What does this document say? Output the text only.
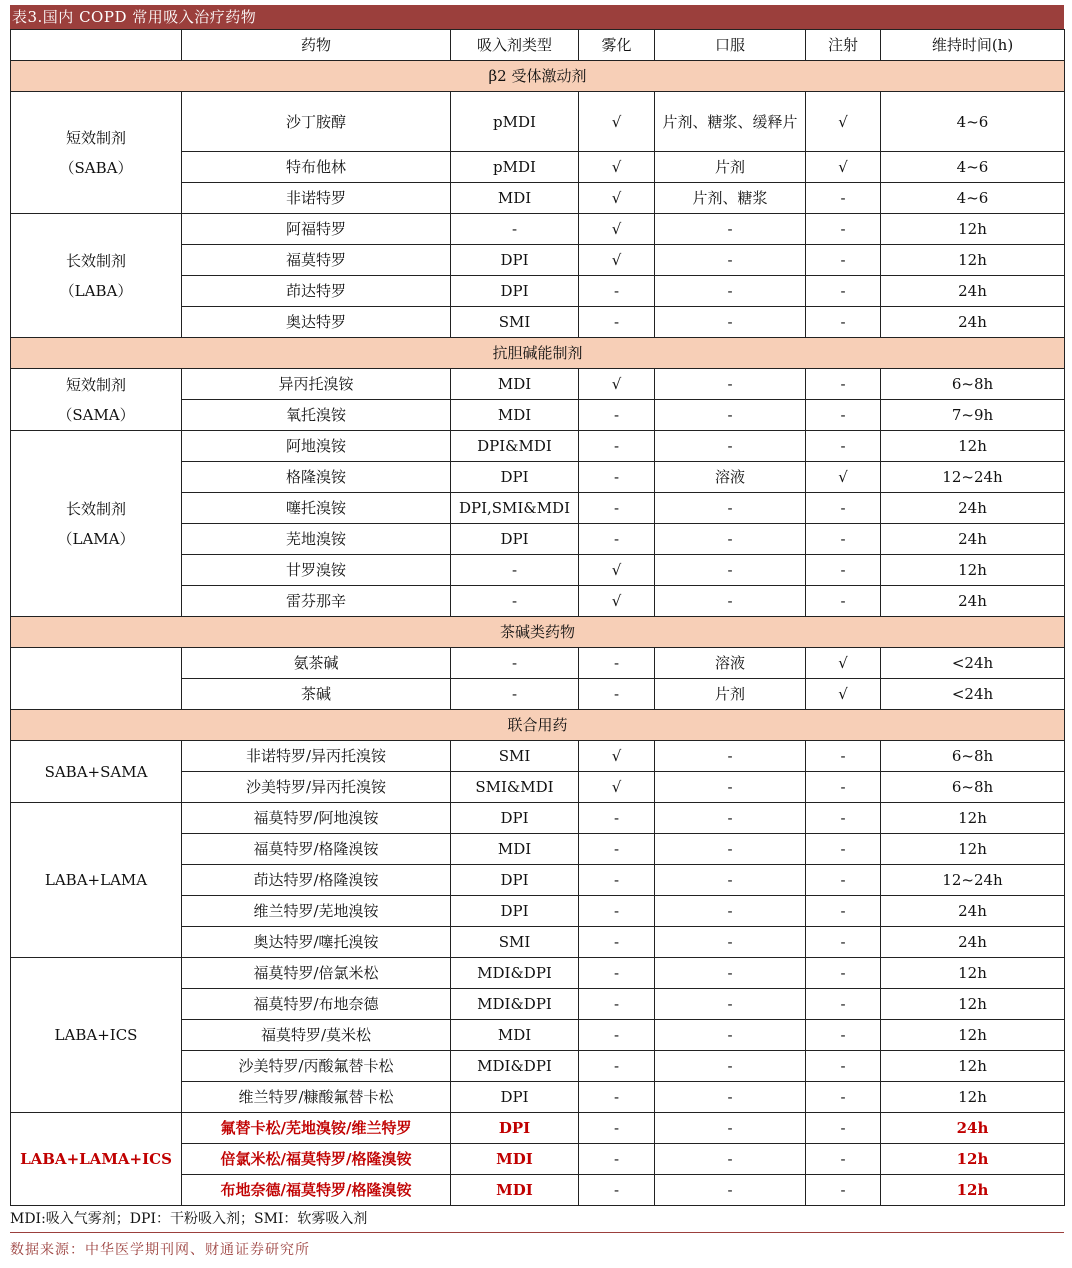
表3.国内 COPD 常用吸入治疗药物
	药物	吸入剂类型	雾化	口服	注射	维持时间(h)
β2 受体激动剂						

短效制剂
（SABA）	沙丁胺醇	pMDI	√	片剂、糖浆、缓释片	√	4~6
	特布他林	pMDI	√	片剂	√	4~6
	非诺特罗	MDI	√	片剂、糖浆	-	4~6

长效制剂
（LABA）	阿福特罗	-	√	-	-	12h
	福莫特罗	DPI	√	-	-	12h
	茚达特罗	DPI	-	-	-	24h
	奥达特罗	SMI	-	-	-	24h
抗胆碱能制剂						

短效制剂
（SAMA）	异丙托溴铵	MDI	√	-	-	6~8h
	氧托溴铵	MDI	-	-	-	7~9h

长效制剂
（LAMA）	阿地溴铵	DPI&MDI	-	-	-	12h
	格隆溴铵	DPI	-	溶液	√	12~24h
	噻托溴铵	DPI,SMI&MDI	-	-	-	24h
	芜地溴铵	DPI	-	-	-	24h
	甘罗溴铵	-	√	-	-	12h
	雷芬那辛	-	√	-	-	24h
茶碱类药物						
	氨茶碱	-	-	溶液	√	<24h
	茶碱	-	-	片剂	√	<24h
联合用药						
SABA+SAMA	非诺特罗/异丙托溴铵	SMI	√	-	-	6~8h
	沙美特罗/异丙托溴铵	SMI&MDI	√	-	-	6~8h
LABA+LAMA	福莫特罗/阿地溴铵	DPI	-	-	-	12h
	福莫特罗/格隆溴铵	MDI	-	-	-	12h
	茚达特罗/格隆溴铵	DPI	-	-	-	12~24h
	维兰特罗/芜地溴铵	DPI	-	-	-	24h
	奥达特罗/噻托溴铵	SMI	-	-	-	24h
LABA+ICS	福莫特罗/倍氯米松	MDI&DPI	-	-	-	12h
	福莫特罗/布地奈德	MDI&DPI	-	-	-	12h
	福莫特罗/莫米松	MDI	-	-	-	12h
	沙美特罗/丙酸氟替卡松	MDI&DPI	-	-	-	12h
	维兰特罗/糠酸氟替卡松	DPI	-	-	-	12h
LABA+LAMA+ICS	氟替卡松/芜地溴铵/维兰特罗	DPI	-	-	-	24h
	倍氯米松/福莫特罗/格隆溴铵	MDI	-	-	-	12h
	布地奈德/福莫特罗/格隆溴铵	MDI	-	-	-	12h
MDI:吸入气雾剂；DPI：干粉吸入剂；SMI：软雾吸入剂
数据来源：中华医学期刊网、财通证券研究所
